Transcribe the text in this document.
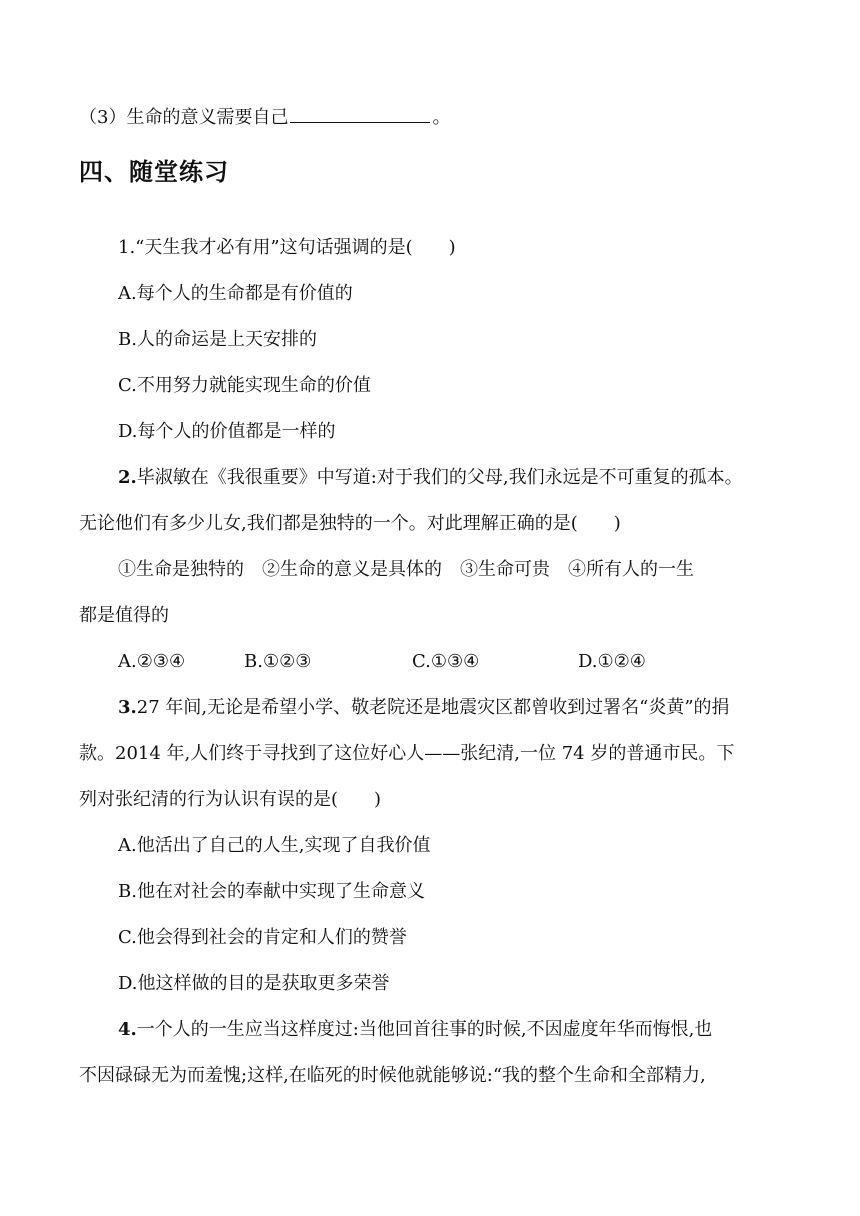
（3）生命的意义需要自己	。
四、随堂练习
1.“天生我才必有用”这句话强调的是(　　)
A.每个人的生命都是有价值的
B.人的命运是上天安排的
C.不用努力就能实现生命的价值
D.每个人的价值都是一样的
2.毕淑敏在《我很重要》中写道:对于我们的父母,我们永远是不可重复的孤本。
无论他们有多少儿女,我们都是独特的一个。对此理解正确的是(　　)
①生命是独特的　②生命的意义是具体的　③生命可贵　④所有人的一生
都是值得的
A.②③④	B.①②③	C.①③④	D.①②④
3.27 年间,无论是希望小学、敬老院还是地震灾区都曾收到过署名“炎黄”的捐
款。2014 年,人们终于寻找到了这位好心人——张纪清,一位 74 岁的普通市民。下
列对张纪清的行为认识有误的是(　　)
A.他活出了自己的人生,实现了自我价值
B.他在对社会的奉献中实现了生命意义
C.他会得到社会的肯定和人们的赞誉
D.他这样做的目的是获取更多荣誉
4.一个人的一生应当这样度过:当他回首往事的时候,不因虚度年华而悔恨,也
不因碌碌无为而羞愧;这样,在临死的时候他就能够说:“我的整个生命和全部精力,
